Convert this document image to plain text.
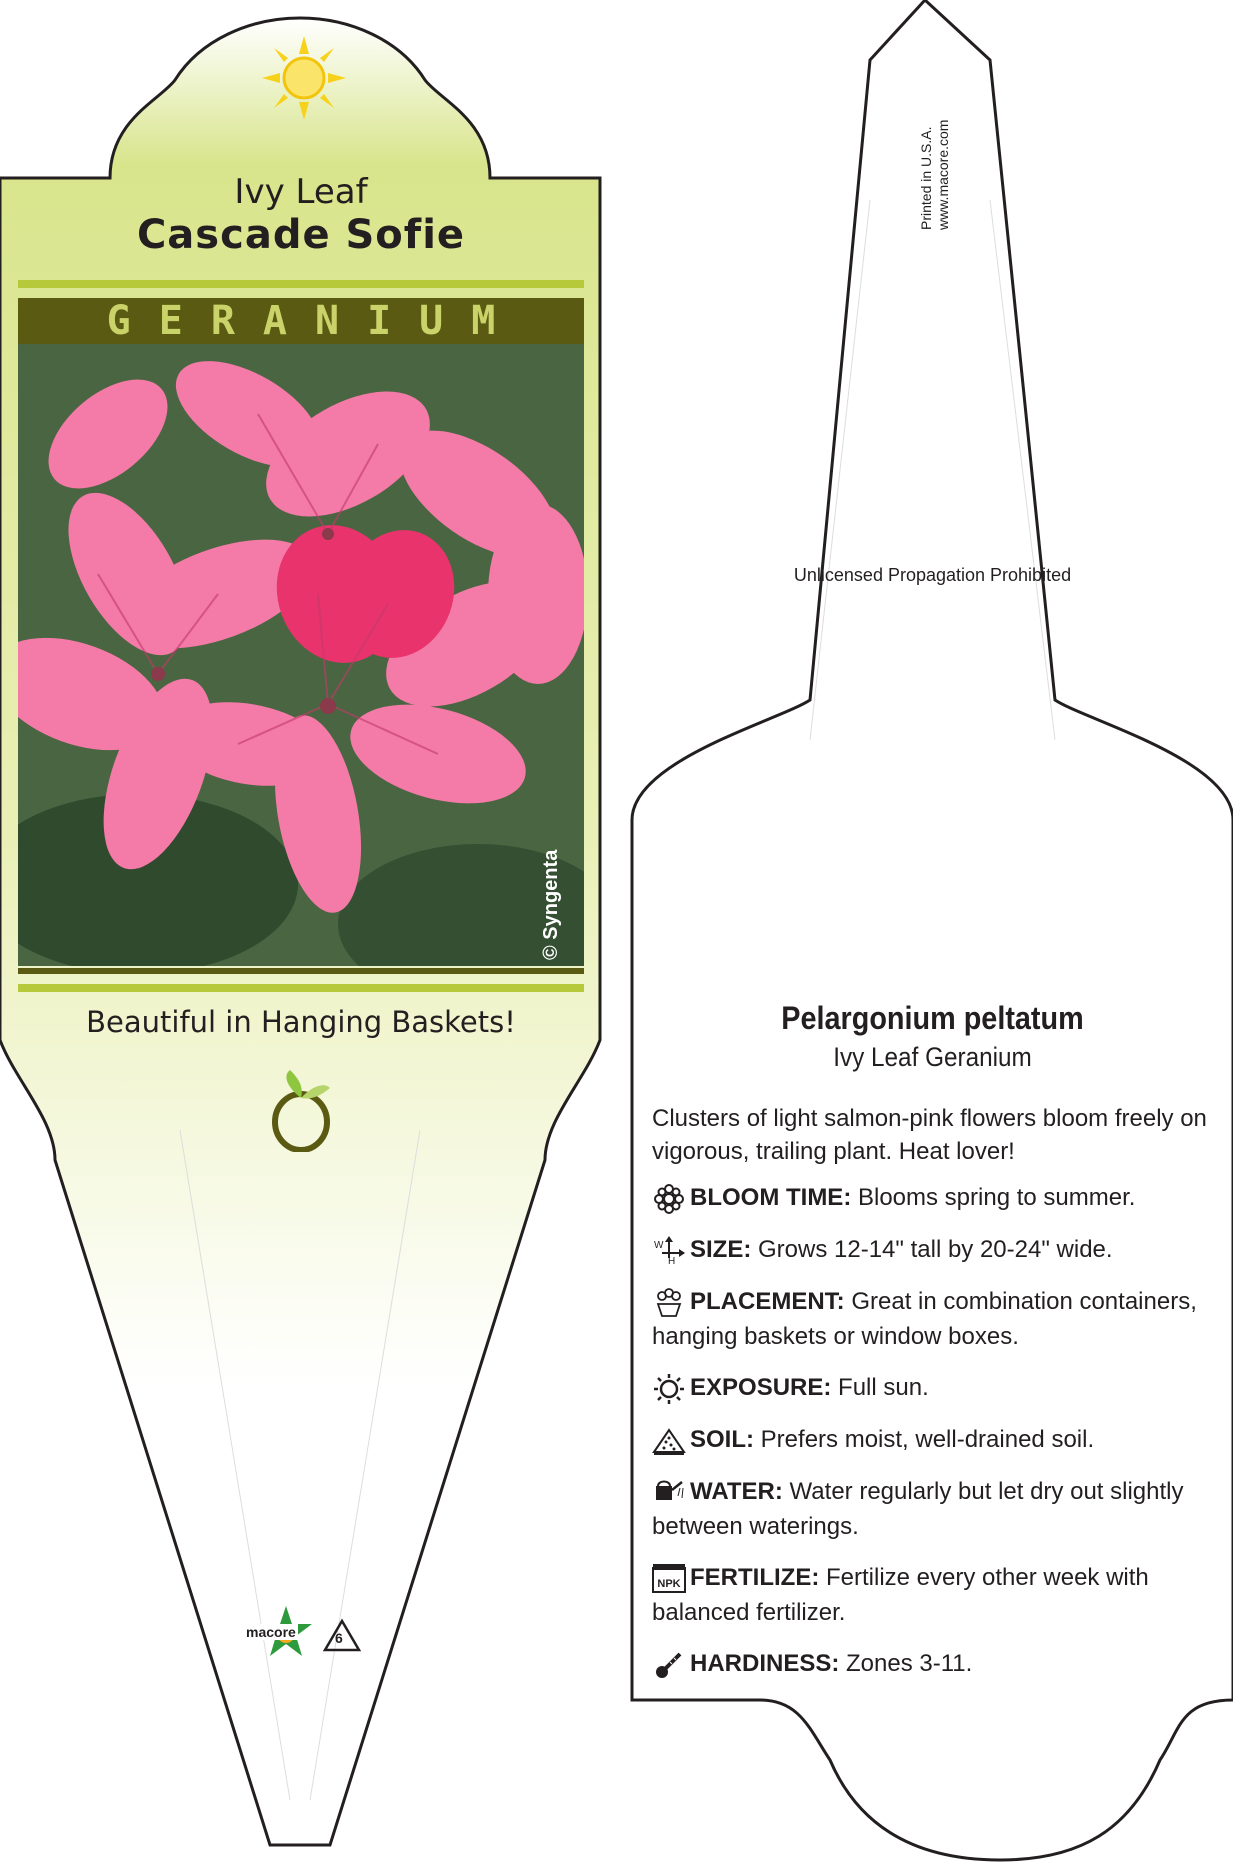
Ivy Leaf
Cascade Sofie
GERANIUM
© Syngenta
Beautiful in Hanging Baskets!
macore	6
Printed in U.S.A. www.macore.com
Unlicensed Propagation Prohibited
Pelargonium peltatum
Ivy Leaf Geranium
Clusters of light salmon-pink flowers bloom freely on vigorous, trailing plant. Heat lover!
BLOOM TIME: Blooms spring to summer.
SIZE: Grows 12-14" tall by 20-24" wide.
W
H
PLACEMENT: Great in combination containers, hanging baskets or window boxes.
EXPOSURE: Full sun.
SOIL: Prefers moist, well-drained soil.
WATER: Water regularly but let dry out slightly between waterings.
NPK FERTILIZE: Fertilize every other week with balanced fertilizer.
HARDINESS: Zones 3-11.
